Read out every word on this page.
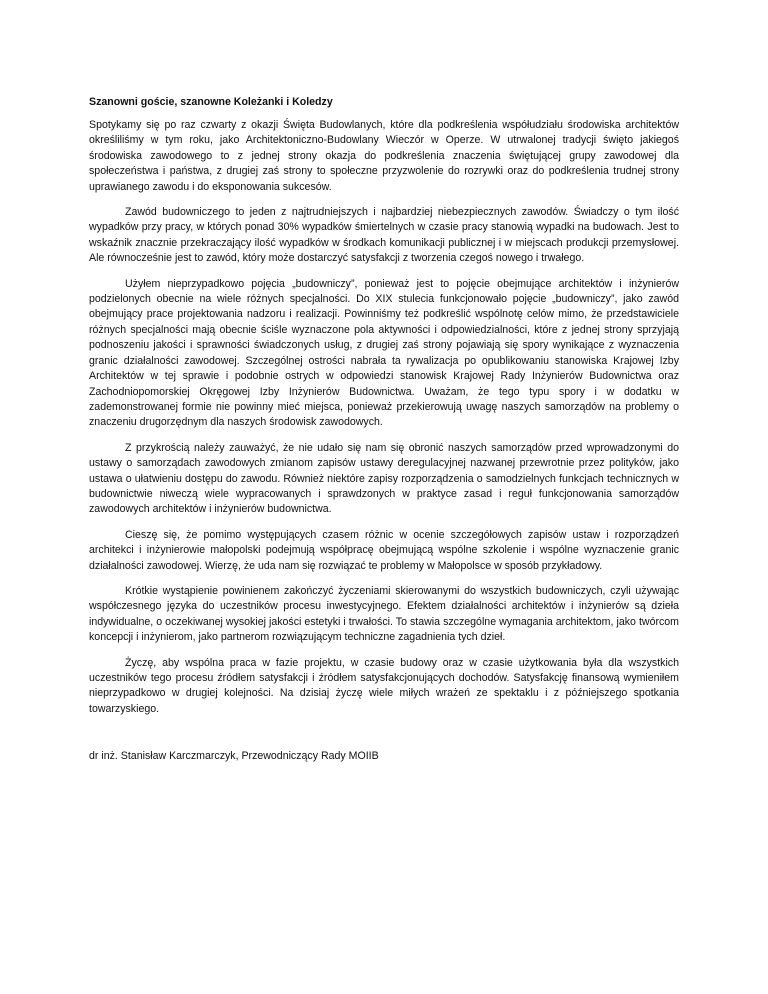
Szanowni goście, szanowne Koleżanki i Koledzy

Spotykamy się po raz czwarty z okazji Święta Budowlanych, które dla podkreślenia współudziału środowiska architektów określiliśmy w tym roku, jako Architektoniczno-Budowlany Wieczór w Operze. W utrwalonej tradycji święto jakiegoś środowiska zawodowego to z jednej strony okazja do podkreślenia znaczenia świętującej grupy zawodowej dla społeczeństwa i państwa, z drugiej zaś strony to społeczne przyzwolenie do rozrywki oraz do podkreślenia trudnej strony uprawianego zawodu i do eksponowania sukcesów.

Zawód budowniczego to jeden z najtrudniejszych i najbardziej niebezpiecznych zawodów. Świadczy o tym ilość wypadków przy pracy, w których ponad 30% wypadków śmiertelnych w czasie pracy stanowią wypadki na budowach. Jest to wskaźnik znacznie przekraczający ilość wypadków w środkach komunikacji publicznej i w miejscach produkcji przemysłowej. Ale równocześnie jest to zawód, który może dostarczyć satysfakcji z tworzenia czegoś nowego i trwałego.

Użyłem nieprzypadkowo pojęcia „budowniczy”, ponieważ jest to pojęcie obejmujące architektów i inżynierów podzielonych obecnie na wiele różnych specjalności. Do XIX stulecia funkcjonowało pojęcie „budowniczy”, jako zawód obejmujący prace projektowania nadzoru i realizacji. Powinniśmy też podkreślić wspólnotę celów mimo, że przedstawiciele różnych specjalności mają obecnie ściśle wyznaczone pola aktywności i odpowiedzialności, które z jednej strony sprzyjają podnoszeniu jakości i sprawności świadczonych usług, z drugiej zaś strony pojawiają się spory wynikające z wyznaczenia granic działalności zawodowej. Szczególnej ostrości nabrała ta rywalizacja po opublikowaniu stanowiska Krajowej Izby Architektów w tej sprawie i podobnie ostrych w odpowiedzi stanowisk Krajowej Rady Inżynierów Budownictwa oraz Zachodniopomorskiej Okręgowej Izby Inżynierów Budownictwa. Uważam, że tego typu spory i w dodatku w zademonstrowanej formie nie powinny mieć miejsca, ponieważ przekierowują uwagę naszych samorządów na problemy o znaczeniu drugorzędnym dla naszych środowisk zawodowych.

Z przykrością należy zauważyć, że nie udało się nam się obronić naszych samorządów przed wprowadzonymi do ustawy o samorządach zawodowych zmianom zapisów ustawy deregulacyjnej nazwanej przewrotnie przez polityków, jako ustawa o ułatwieniu dostępu do zawodu. Również niektóre zapisy rozporządzenia o samodzielnych funkcjach technicznych w budownictwie niweczą wiele wypracowanych i sprawdzonych w praktyce zasad i reguł funkcjonowania samorządów zawodowych architektów i inżynierów budownictwa.

Cieszę się, że pomimo występujących czasem różnic w ocenie szczegółowych zapisów ustaw i rozporządzeń architekci i inżynierowie małopolski podejmują współpracę obejmującą wspólne szkolenie i wspólne wyznaczenie granic działalności zawodowej. Wierzę, że uda nam się rozwiązać te problemy w Małopolsce w sposób przykładowy.

Krótkie wystąpienie powinienem zakończyć życzeniami skierowanymi do wszystkich budowniczych, czyli używając współczesnego języka do uczestników procesu inwestycyjnego. Efektem działalności architektów i inżynierów są dzieła indywidualne, o oczekiwanej wysokiej jakości estetyki i trwałości. To stawia szczególne wymagania architektom, jako twórcom koncepcji i inżynierom, jako partnerom rozwiązującym techniczne zagadnienia tych dzieł.

Życzę, aby wspólna praca w fazie projektu, w czasie budowy oraz w czasie użytkowania była dla wszystkich uczestników tego procesu źródłem satysfakcji i źródłem satysfakcjonujących dochodów. Satysfakcję finansową wymieniłem nieprzypadkowo w drugiej kolejności. Na dzisiaj życzę wiele miłych wrażeń ze spektaklu i z późniejszego spotkania towarzyskiego.

dr inż. Stanisław Karczmarczyk, Przewodniczący Rady MOIIB
